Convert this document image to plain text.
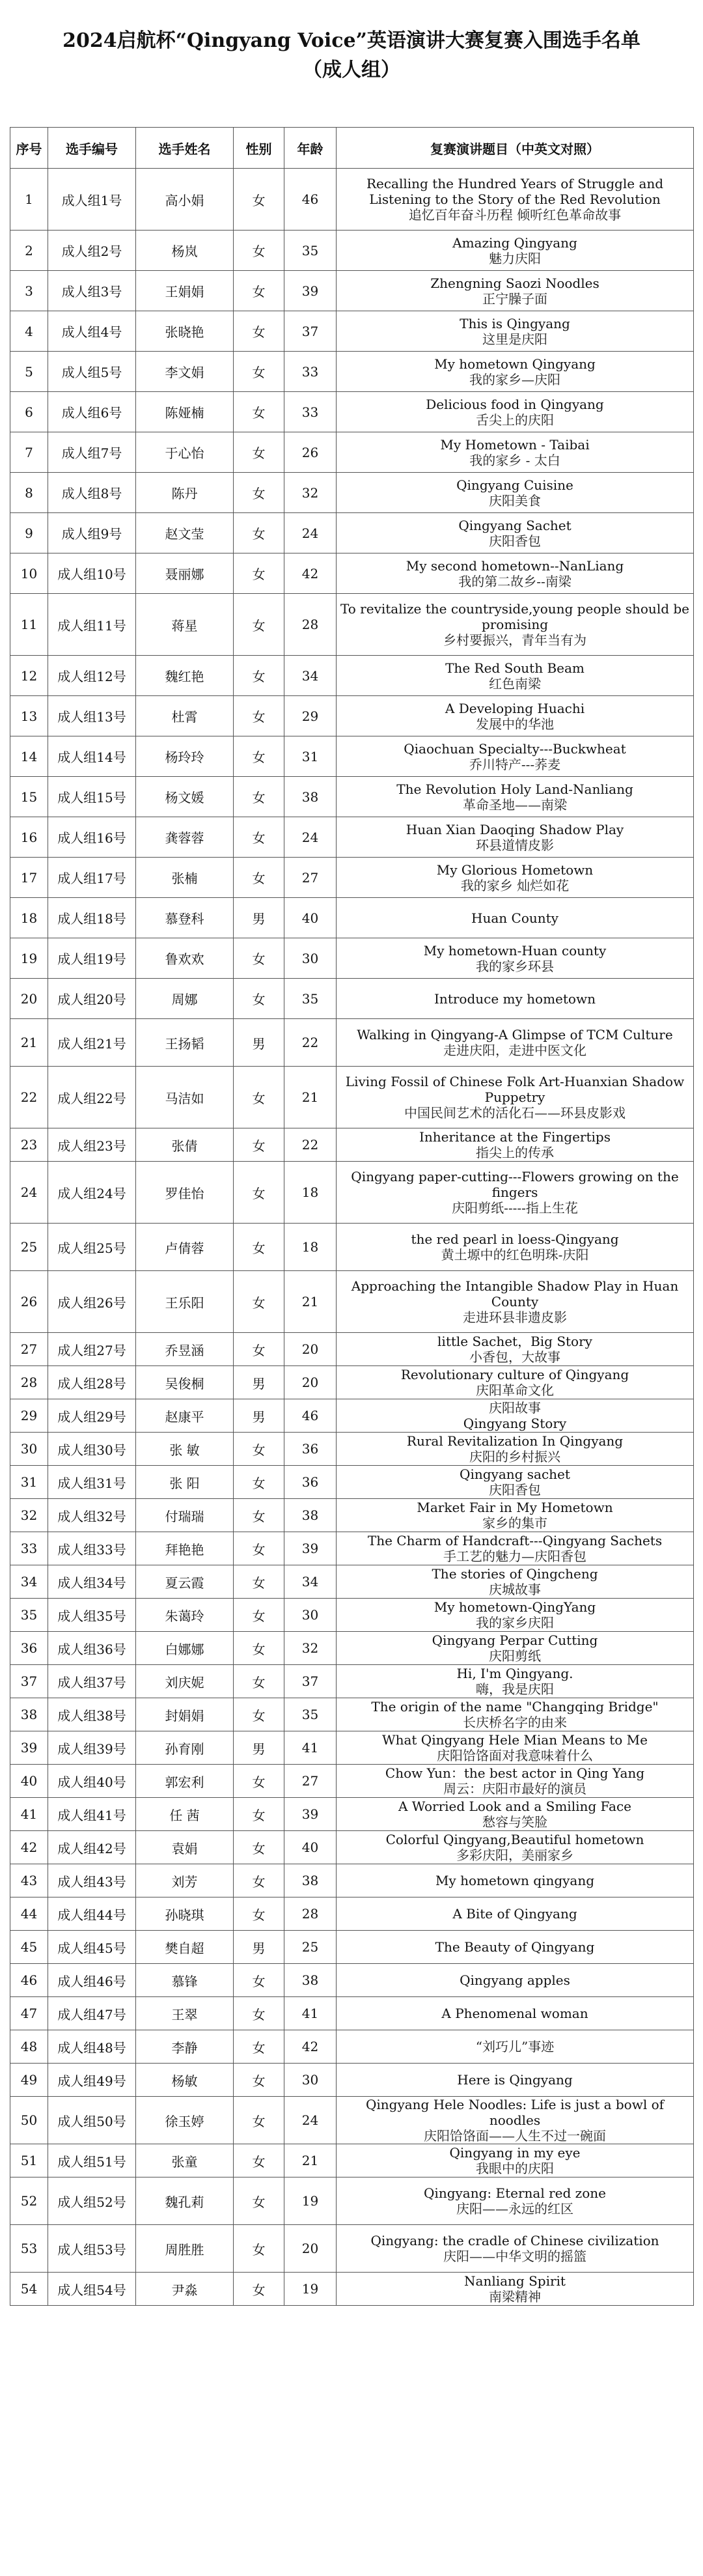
2024启航杯“Qingyang Voice”英语演讲大赛复赛入围选手名单

（成人组）

序号	选手编号	选手姓名	性别	年龄	复赛演讲题目（中英文对照）
1	成人组1号	高小娟	女	46	Recalling the Hundred Years of Struggle and Listening to the Story of the Red Revolution
追忆百年奋斗历程 倾听红色革命故事

2	成人组2号	杨岚	女	35	Amazing Qingyang
魅力庆阳

3	成人组3号	王娟娟	女	39	Zhengning Saozi Noodles
正宁臊子面

4	成人组4号	张晓艳	女	37	This is Qingyang
这里是庆阳

5	成人组5号	李文娟	女	33	My hometown Qingyang
我的家乡—庆阳

6	成人组6号	陈娅楠	女	33	Delicious food in Qingyang
舌尖上的庆阳

7	成人组7号	于心怡	女	26	My Hometown - Taibai
我的家乡 - 太白

8	成人组8号	陈丹	女	32	Qingyang Cuisine
庆阳美食

9	成人组9号	赵文莹	女	24	Qingyang Sachet
庆阳香包

10	成人组10号	聂丽娜	女	42	My second hometown--NanLiang
我的第二故乡--南梁

11	成人组11号	蒋星	女	28	To revitalize the countryside,young people should be promising
乡村要振兴，青年当有为

12	成人组12号	魏红艳	女	34	The Red South Beam
红色南梁

13	成人组13号	杜霄	女	29	A Developing Huachi
发展中的华池

14	成人组14号	杨玲玲	女	31	Qiaochuan Specialty---Buckwheat
乔川特产---荞麦

15	成人组15号	杨文媛	女	38	The Revolution Holy Land-Nanliang
革命圣地——南梁

16	成人组16号	龚蓉蓉	女	24	Huan Xian Daoqing Shadow Play
环县道情皮影

17	成人组17号	张楠	女	27	My Glorious Hometown
我的家乡 灿烂如花

18	成人组18号	慕登科	男	40	Huan County

19	成人组19号	鲁欢欢	女	30	My hometown-Huan county
我的家乡环县

20	成人组20号	周娜	女	35	Introduce my hometown

21	成人组21号	王扬韬	男	22	Walking in Qingyang-A Glimpse of TCM Culture
走进庆阳，走进中医文化

22	成人组22号	马洁如	女	21	Living Fossil of Chinese Folk Art-Huanxian Shadow Puppetry
中国民间艺术的活化石——环县皮影戏

23	成人组23号	张倩	女	22	Inheritance at the Fingertips
指尖上的传承

24	成人组24号	罗佳怡	女	18	Qingyang paper-cutting---Flowers growing on the fingers
庆阳剪纸-----指上生花

25	成人组25号	卢倩蓉	女	18	the red pearl in loess-Qingyang
黄土塬中的红色明珠-庆阳

26	成人组26号	王乐阳	女	21	Approaching the Intangible Shadow Play in Huan County
走进环县非遗皮影

27	成人组27号	乔昱涵	女	20	little Sachet，Big Story
小香包，大故事

28	成人组28号	吴俊桐	男	20	Revolutionary culture of Qingyang
庆阳革命文化

29	成人组29号	赵康平	男	46	庆阳故事
Qingyang Story

30	成人组30号	张 敏	女	36	Rural Revitalization In Qingyang
庆阳的乡村振兴

31	成人组31号	张 阳	女	36	Qingyang sachet
庆阳香包

32	成人组32号	付瑞瑞	女	38	Market Fair in My Hometown
家乡的集市

33	成人组33号	拜艳艳	女	39	The Charm of Handcraft---Qingyang Sachets
手工艺的魅力—庆阳香包

34	成人组34号	夏云霞	女	34	The stories of Qingcheng
庆城故事

35	成人组35号	朱蔼玲	女	30	My hometown-QingYang
我的家乡庆阳

36	成人组36号	白娜娜	女	32	Qingyang Perpar Cutting
庆阳剪纸

37	成人组37号	刘庆妮	女	37	Hi, I'm Qingyang.
嗨，我是庆阳

38	成人组38号	封娟娟	女	35	The origin of the name "Changqing Bridge"
长庆桥名字的由来

39	成人组39号	孙育刚	男	41	What Qingyang Hele Mian Means to Me
庆阳饸饹面对我意味着什么

40	成人组40号	郭宏利	女	27	Chow Yun：the best actor in Qing Yang
周云：庆阳市最好的演员

41	成人组41号	任 茜	女	39	A Worried Look and a Smiling Face
愁容与笑脸

42	成人组42号	袁娟	女	40	Colorful Qingyang,Beautiful hometown
多彩庆阳，美丽家乡

43	成人组43号	刘芳	女	38	My hometown qingyang

44	成人组44号	孙晓琪	女	28	A Bite of Qingyang

45	成人组45号	樊自超	男	25	The Beauty of Qingyang

46	成人组46号	慕锋	女	38	Qingyang apples

47	成人组47号	王翠	女	41	A Phenomenal woman

48	成人组48号	李静	女	42	“刘巧儿”事迹

49	成人组49号	杨敏	女	30	Here is Qingyang

50	成人组50号	徐玉婷	女	24	Qingyang Hele Noodles: Life is just a bowl of noodles
庆阳饸饹面——人生不过一碗面

51	成人组51号	张童	女	21	Qingyang in my eye
我眼中的庆阳

52	成人组52号	魏孔莉	女	19	Qingyang: Eternal red zone
庆阳——永远的红区

53	成人组53号	周胜胜	女	20	Qingyang: the cradle of Chinese civilization
庆阳——中华文明的摇篮

54	成人组54号	尹淼	女	19	Nanliang Spirit
南梁精神
